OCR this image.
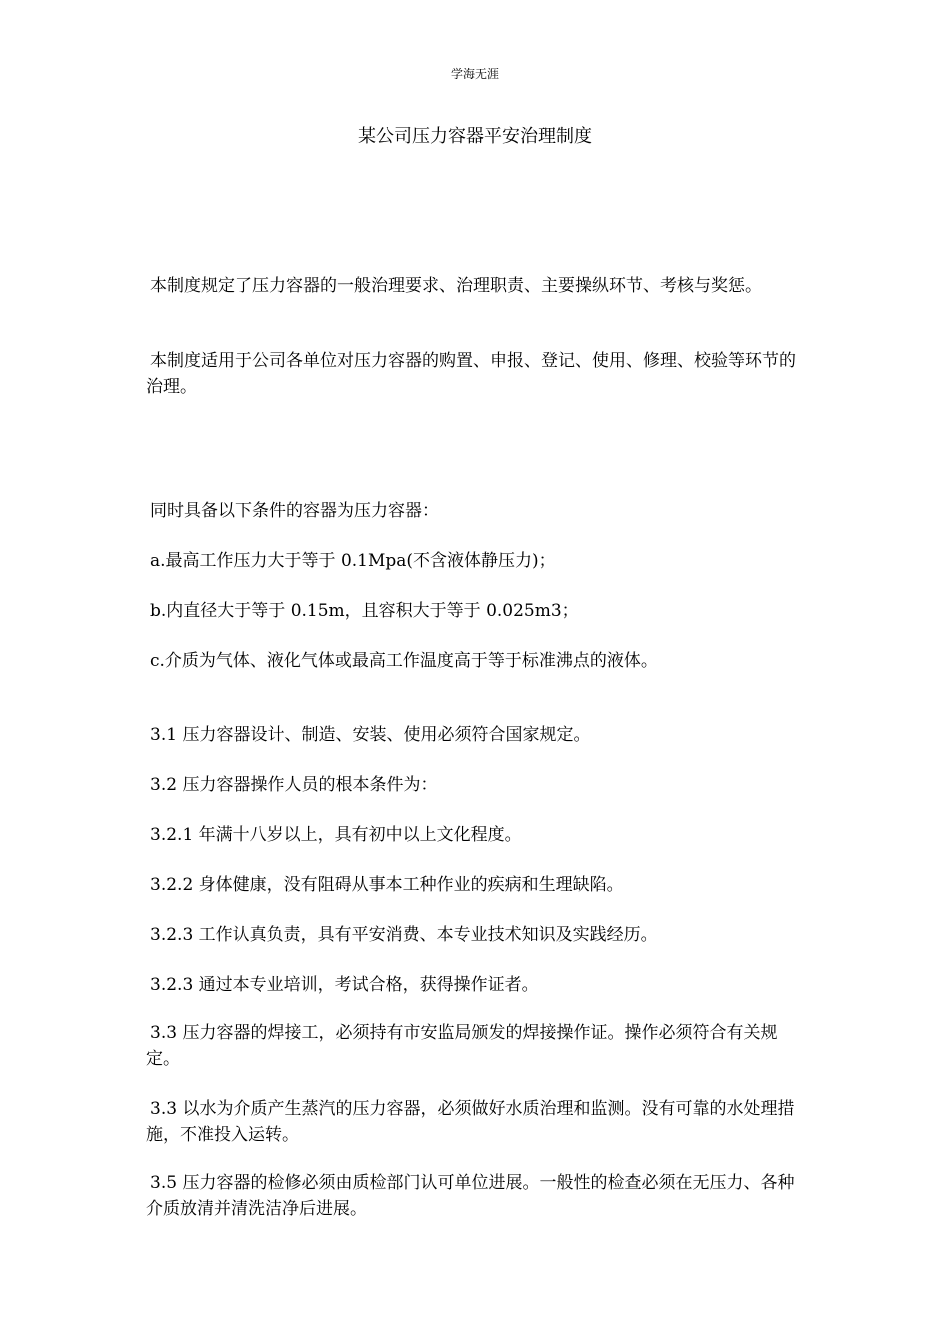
学海无涯
某公司压力容器平安治理制度
本制度规定了压力容器的一般治理要求、治理职责、主要操纵环节、考核与奖惩。
本制度适用于公司各单位对压力容器的购置、申报、登记、使用、修理、校验等环节的治理。
同时具备以下条件的容器为压力容器：
a.最高工作压力大于等于 0.1Mpa(不含液体静压力)；
b.内直径大于等于 0.15m，且容积大于等于 0.025m3；
c.介质为气体、液化气体或最高工作温度高于等于标准沸点的液体。
3.1 压力容器设计、制造、安装、使用必须符合国家规定。
3.2 压力容器操作人员的根本条件为：
3.2.1 年满十八岁以上，具有初中以上文化程度。
3.2.2 身体健康，没有阻碍从事本工种作业的疾病和生理缺陷。
3.2.3 工作认真负责，具有平安消费、本专业技术知识及实践经历。
3.2.3 通过本专业培训，考试合格，获得操作证者。
3.3 压力容器的焊接工，必须持有市安监局颁发的焊接操作证。操作必须符合有关规定。
3.3 以水为介质产生蒸汽的压力容器，必须做好水质治理和监测。没有可靠的水处理措施，不准投入运转。
3.5 压力容器的检修必须由质检部门认可单位进展。一般性的检查必须在无压力、各种介质放清并清洗洁净后进展。
